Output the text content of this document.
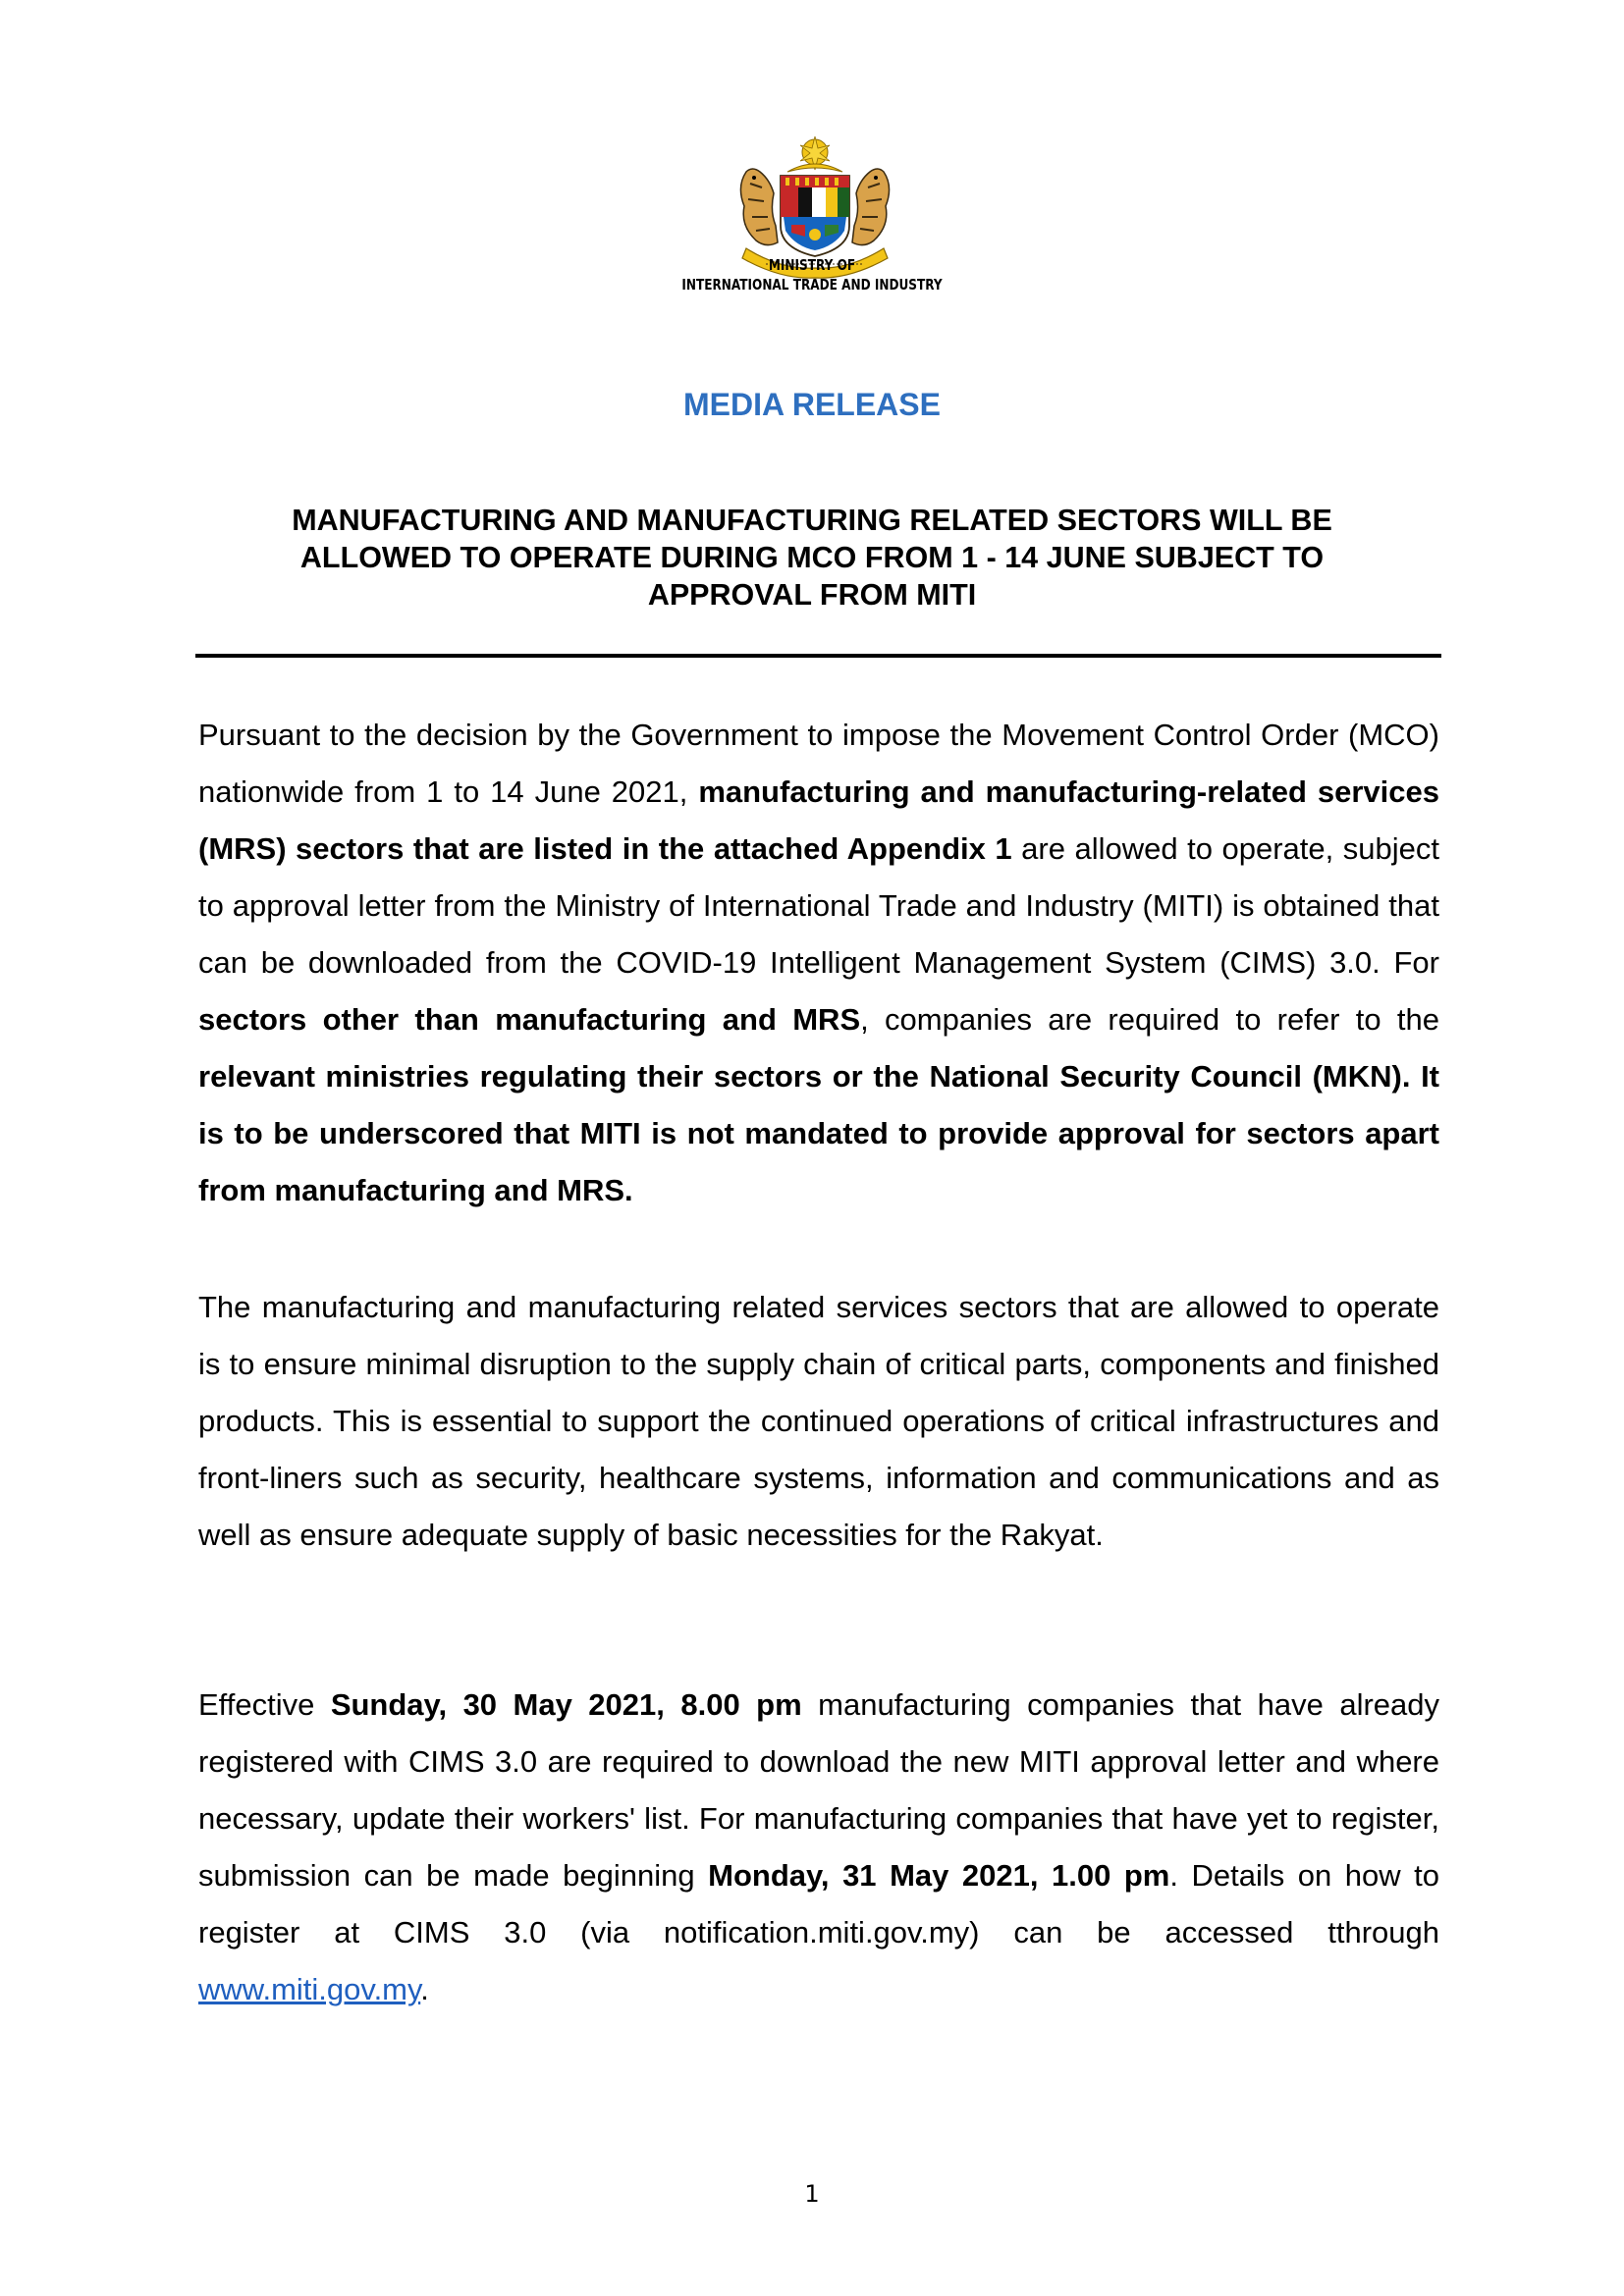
MINISTRY OF
INTERNATIONAL TRADE AND INDUSTRY
MEDIA RELEASE
MANUFACTURING AND MANUFACTURING RELATED SECTORS WILL BE
ALLOWED TO OPERATE DURING MCO FROM 1 - 14 JUNE SUBJECT TO
APPROVAL FROM MITI
Pursuant to the decision by the Government to impose the Movement Control Order (MCO) nationwide from 1 to 14 June 2021, manufacturing and manufacturing-related services (MRS) sectors that are listed in the attached Appendix 1 are allowed to operate, subject to approval letter from the Ministry of International Trade and Industry (MITI) is obtained that can be downloaded from the COVID-19 Intelligent Management System (CIMS) 3.0. For sectors other than manufacturing and MRS, companies are required to refer to the relevant ministries regulating their sectors or the National Security Council (MKN). It is to be underscored that MITI is not mandated to provide approval for sectors apart from manufacturing and MRS.
The manufacturing and manufacturing related services sectors that are allowed to operate is to ensure minimal disruption to the supply chain of critical parts, components and finished products. This is essential to support the continued operations of critical infrastructures and front-liners such as security, healthcare systems, information and communications and as well as ensure adequate supply of basic necessities for the Rakyat.
Effective Sunday, 30 May 2021, 8.00 pm manufacturing companies that have already registered with CIMS 3.0 are required to download the new MITI approval letter and where necessary, update their workers' list. For manufacturing companies that have yet to register, submission can be made beginning Monday, 31 May 2021, 1.00 pm. Details on how to register at CIMS 3.0 (via notification.miti.gov.my) can be accessed tthrough www.miti.gov.my.
1
